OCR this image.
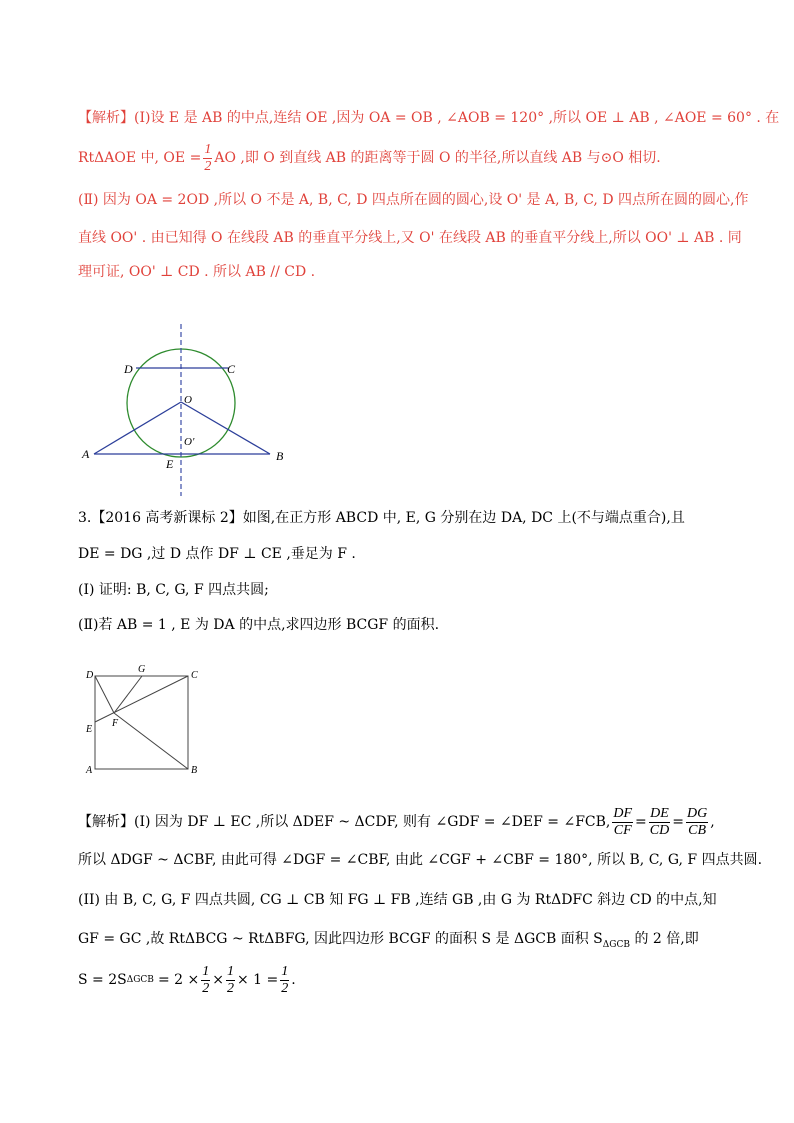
【解析】(Ⅰ)设 E 是 AB 的中点,连结 OE ,因为 OA = OB , ∠AOB = 120° ,所以 OE ⊥ AB , ∠AOE = 60° . 在
RtΔAOE 中, OE = $\frac{1}{2}$ AO ,即 O 到直线 AB 的距离等于圆 O 的半径,所以直线 AB 与⊙O 相切.
(Ⅱ) 因为 OA = 2OD ,所以 O 不是 A, B, C, D 四点所在圆的圆心,设 O' 是 A, B, C, D 四点所在圆的圆心,作
直线 OO' . 由已知得 O 在线段 AB 的垂直平分线上,又 O' 在线段 AB 的垂直平分线上,所以 OO' ⊥ AB . 同
理可证, OO' ⊥ CD . 所以 AB // CD .
D	C
O
O'
A
E
B
3.【2016 高考新课标 2】如图,在正方形 ABCD 中, E, G 分别在边 DA, DC 上(不与端点重合),且
DE = DG ,过 D 点作 DF ⊥ CE ,垂足为 F .
(Ⅰ) 证明: B, C, G, F 四点共圆;
(Ⅱ)若 AB = 1 , E 为 DA 的中点,求四边形 BCGF 的面积.
D
G
C
E
F
A	B
【解析】(I) 因为 DF ⊥ EC ,所以 ΔDEF ~ ΔCDF, 则有 ∠GDF = ∠DEF = ∠FCB, $\frac{DF}{CF} = \frac{DE}{CD} = \frac{DG}{CB}$ ,
所以 ΔDGF ~ ΔCBF, 由此可得 ∠DGF = ∠CBF, 由此 ∠CGF + ∠CBF = 180°, 所以 B, C, G, F 四点共圆.
(II) 由 B, C, G, F 四点共圆, CG ⊥ CB 知 FG ⊥ FB ,连结 GB ,由 G 为 RtΔDFC 斜边 CD 的中点,知
GF = GC ,故 RtΔBCG ~ RtΔBFG, 因此四边形 BCGF 的面积 S 是 ΔGCB 面积 $S_{\Delta GCB}$ 的 2 倍,即
S = 2S $\Delta GCB = 2 \times \frac{1}{2} \times \frac{1}{2} \times 1 = \frac{1}{2}$ .
